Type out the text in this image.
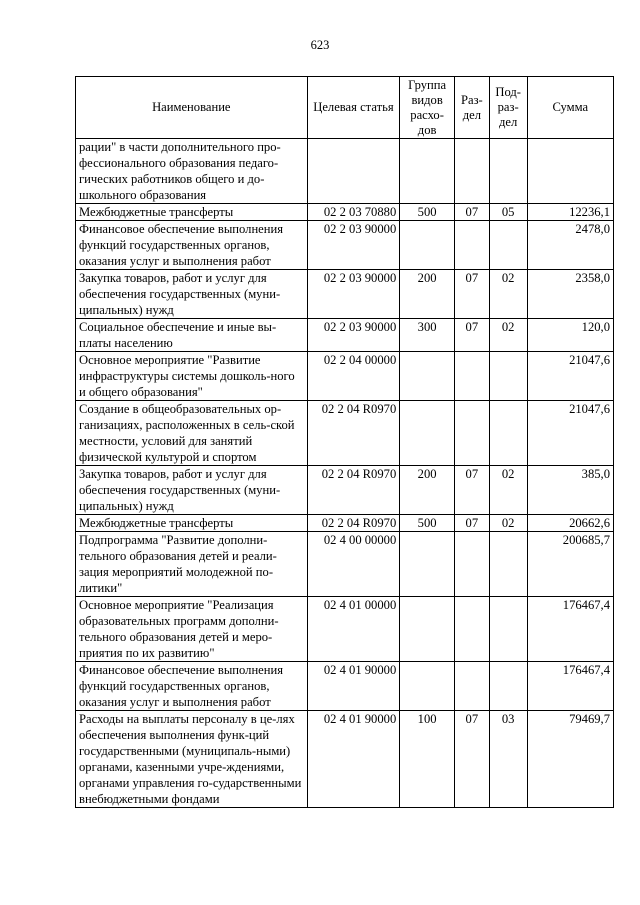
623
Наименование	Целевая статья	Группа видов расхо-дов	Раз-дел	Под-раз-дел	Сумма
рации" в части дополнительного про-фессионального образования педаго-гических работников общего и до-школьного образования					
Межбюджетные трансферты	02 2 03 70880	500	07	05	12236,1
Финансовое обеспечение выполнения функций государственных органов, оказания услуг и выполнения работ	02 2 03 90000				2478,0
Закупка товаров, работ и услуг для обеспечения государственных (муни-ципальных) нужд	02 2 03 90000	200	07	02	2358,0
Социальное обеспечение и иные вы-платы населению	02 2 03 90000	300	07	02	120,0
Основное мероприятие "Развитие инфраструктуры системы дошколь-ного и общего образования"	02 2 04 00000				21047,6
Создание в общеобразовательных ор-ганизациях, расположенных в сель-ской местности, условий для занятий физической культурой и спортом	02 2 04 R0970				21047,6
Закупка товаров, работ и услуг для обеспечения государственных (муни-ципальных) нужд	02 2 04 R0970	200	07	02	385,0
Межбюджетные трансферты	02 2 04 R0970	500	07	02	20662,6
Подпрограмма "Развитие дополни-тельного образования детей и реали-зация мероприятий молодежной по-литики"	02 4 00 00000				200685,7
Основное мероприятие "Реализация образовательных программ дополни-тельного образования детей и меро-приятия по их развитию"	02 4 01 00000				176467,4
Финансовое обеспечение выполнения функций государственных органов, оказания услуг и выполнения работ	02 4 01 90000				176467,4
Расходы на выплаты персоналу в це-лях обеспечения выполнения функ-ций государственными (муниципаль-ными) органами, казенными учре-ждениями, органами управления го-сударственными внебюджетными фондами	02 4 01 90000	100	07	03	79469,7
